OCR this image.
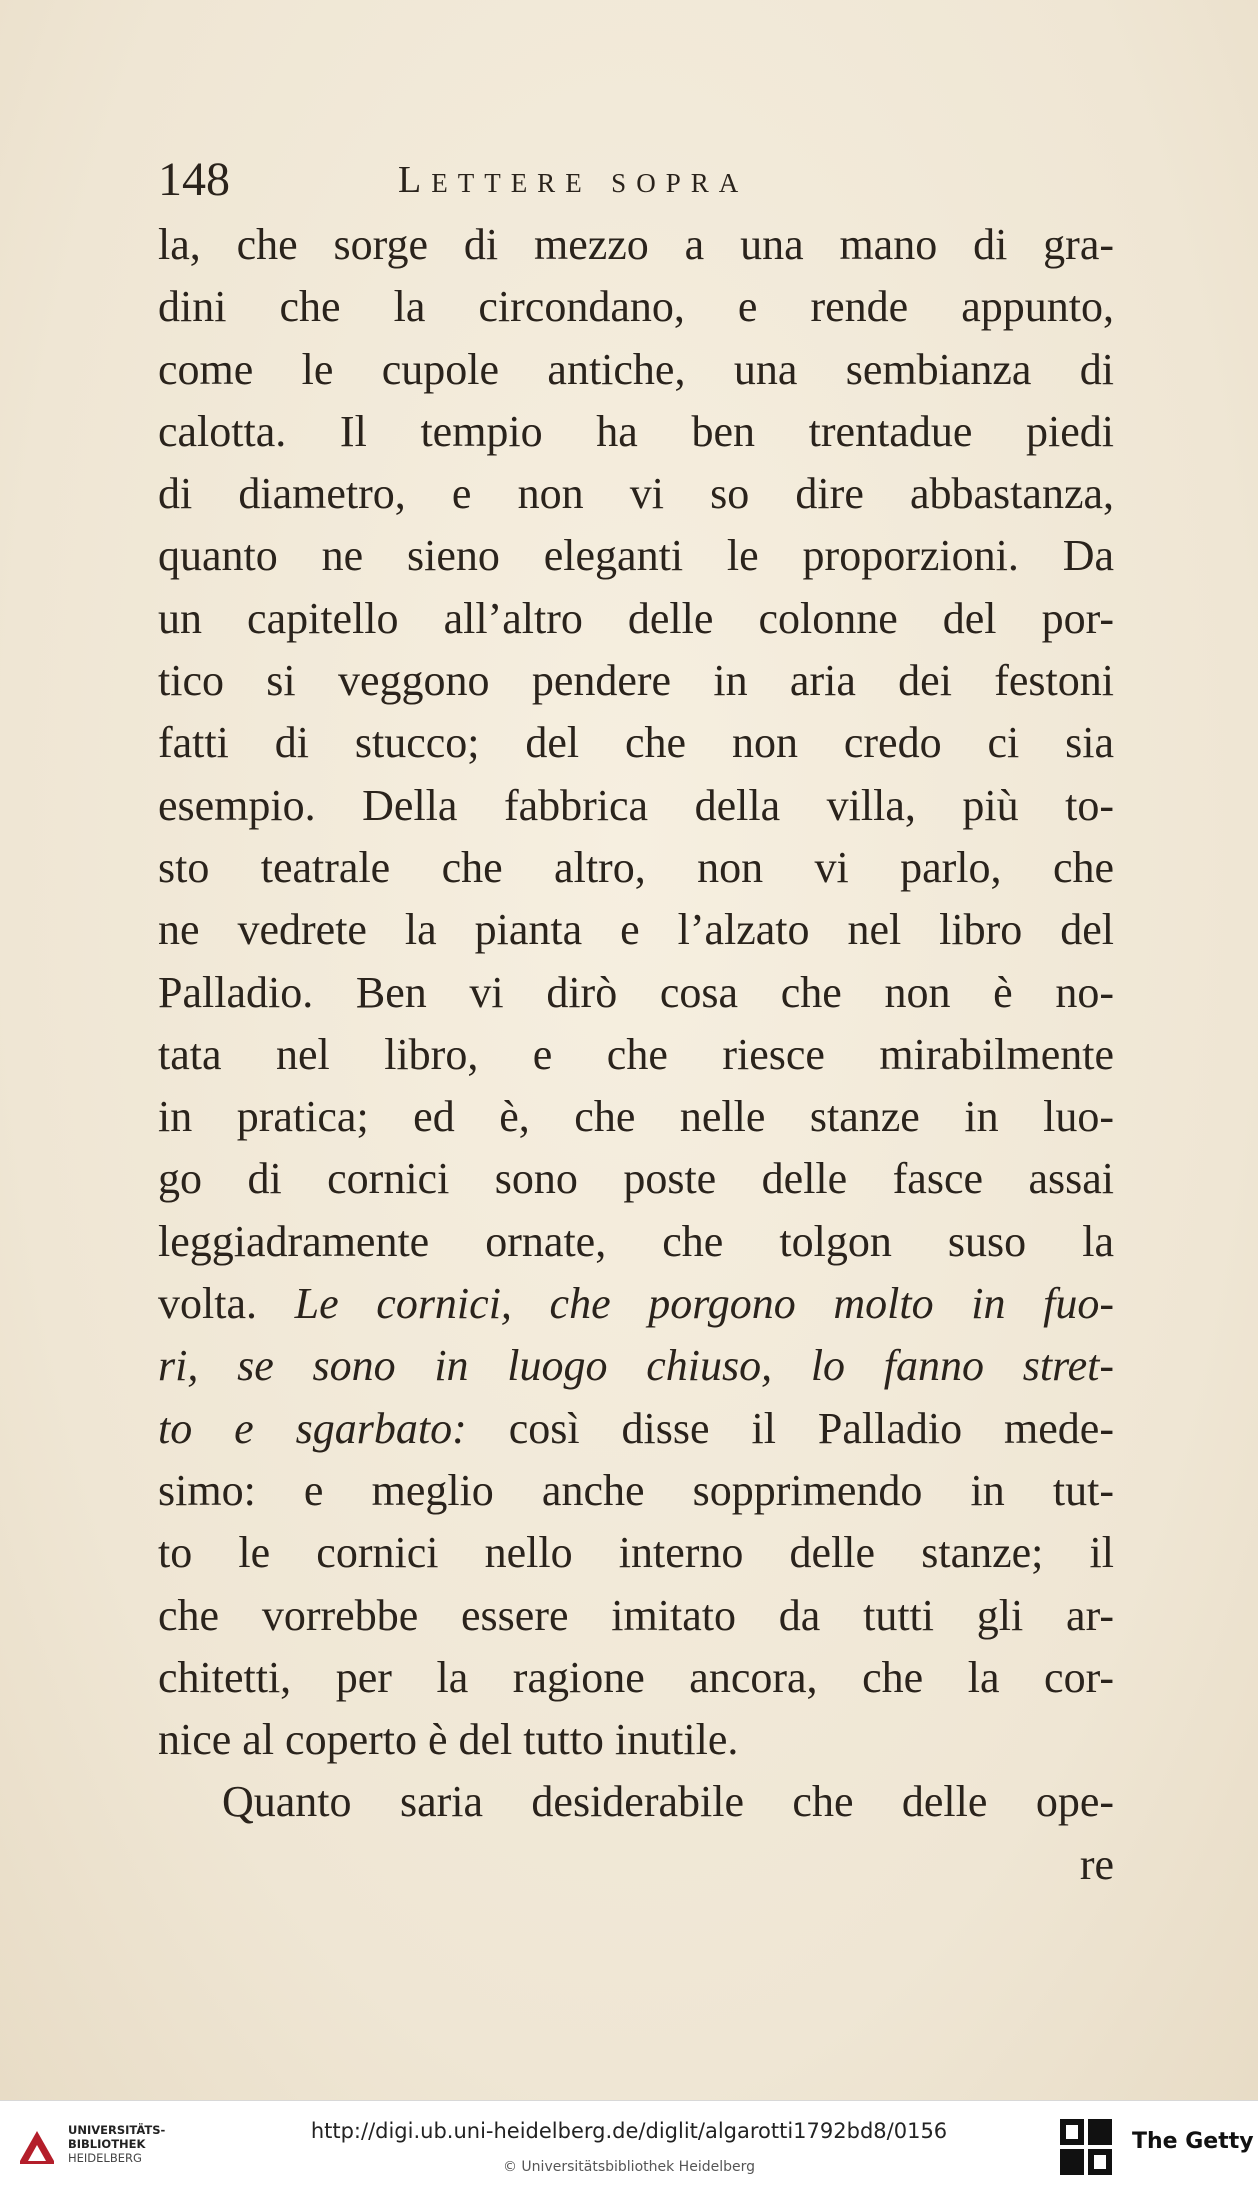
148	Lettere sopra
la, che sorge di mezzo a una mano di gra-
dini che la circondano, e rende appunto,
come le cupole antiche, una sembianza di
calotta. Il tempio ha ben trentadue piedi
di diametro, e non vi so dire abbastanza,
quanto ne sieno eleganti le proporzioni. Da
un capitello all’altro delle colonne del por-
tico si veggono pendere in aria dei festoni
fatti di stucco; del che non credo ci sia
esempio. Della fabbrica della villa, più to-
sto teatrale che altro, non vi parlo, che
ne vedrete la pianta e l’alzato nel libro del
Palladio. Ben vi dirò cosa che non è no-
tata nel libro, e che riesce mirabilmente
in pratica; ed è, che nelle stanze in luo-
go di cornici sono poste delle fasce assai
leggiadramente ornate, che tolgon suso la
volta. Le cornici, che porgono molto in fuo-
ri, se sono in luogo chiuso, lo fanno stret-
to e sgarbato: così disse il Palladio mede-
simo: e meglio anche sopprimendo in tut-
to le cornici nello interno delle stanze; il
che vorrebbe essere imitato da tutti gli ar-
chitetti, per la ragione ancora, che la cor-
nice al coperto è del tutto inutile.
Quanto saria desiderabile che delle ope-
re
UNIVERSITÄTS-
BIBLIOTHEK
HEIDELBERG
http://digi.ub.uni-heidelberg.de/diglit/algarotti1792bd8/0156
© Universitätsbibliothek Heidelberg
The Getty
